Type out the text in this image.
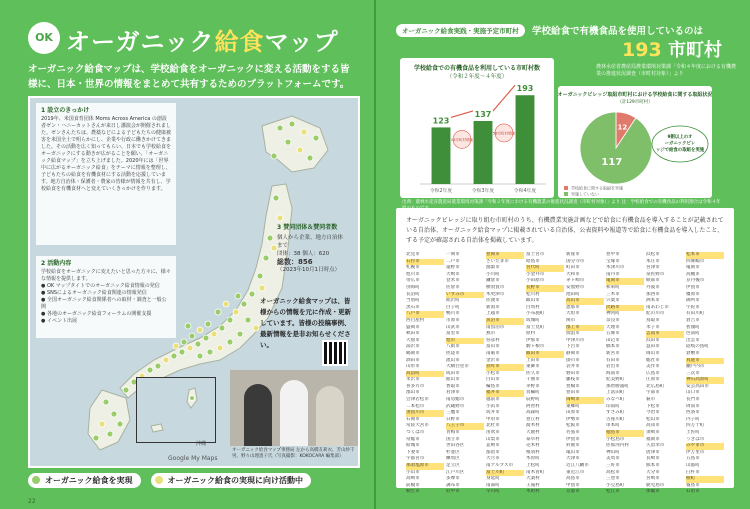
OK オーガニック給食マップ
オーガニック給食マップは、学校給食をオーガニックに変える活動をする皆様に、日本・世界の情報をまとめて共有するためのプラットフォームです。
1 設立のきっかけ

2019年、米国食育団体 Moms Across America の創設者ゼン・ハニーカットさんが来日し講演会が開催されました。ゼンさんたちは、農薬などによる子どもたちの健康被害を米国全土で明らかにし、企業や行政に働きかけてきました。その活動を広く知ってもらい、日本でも学校給食をオーガニックにする動きが広がることを願い、「オーガニック給食マップ」を立ち上げました。2020年には「世界中に広がるオーガニック給食」をテーマに情報を整理し、子どもたちの給食を有機食材にする活動を応援しています。地方自治体・保護者・農家の皆様が情報を共有し、学校給食を有機食材へと変えていくきっかけを作ります。

2 活動内容

学校給食をオーガニックに変えたいと思った方々に、様々な情報を提供します。

● OK マップタイトでのオーガニック給食情報の発信
● SNSによるオーガニック給食関連の情報発信
● 全国オーガニック給食関係者への取材・調査と一般公開
● 各地のオーガニック給食フォーラムの開催支援
● イベント出展
3 賛同団体＆賛同者数
個人から企業、地方自治体まで
団体：38 個人：620
総数：856
（2023年10月1日時点）
オーガニック給食マップは、皆様からの情報を元に作成・更新しています。皆様の投稿事例、最新情報を是非お知らせください。
沖縄
Google My Maps
オーガニック給食マップ事務局 左から高橋友莉衣、芳山紗千男、野々山理恵子氏（写真撮影：KOKOCARA 編集部）
オーガニック給食を実現	オーガニック給食の実現に向け活動中
22
オーガニック給食実践・実施予定市町村	学校給食で有機食品を使用しているのは
193 市町村
農林水産省農産局農業環境対策課「令和４年度における有機農業の推進状況調査（市町村対象）」より
学校給食での有機食品を利用している市町村数
（令和２年度〜４年度）
123
令和2年度
137
令和3年度
193
令和4年度
14市町村増加
56市町村増加
オーガニックビレッジ取組市町村における学校給食に関する取組状況
（計129市町村）
12
117
9割以上のオ
ーガニックビレ
ッジで給食の取組を実施
学校給食に関する取組を実施
実施していない
出典：農林水産省農産局農業環境対策課「令和２年度における有機農業の推進状況調査（市町村対象）」より 注：学校給食での有機食品の利用割合は令和４年

オーガニックビレッジに取り組む市町村のうち、有機農業実施計画などで給食に有機食品を導入することが記載されている自治体、オーガニック給食マップに掲載されている自治体、公表資料や報道等で給食に有機食品を導入したこと、する予定が確認される自治体を掲載しています。

北見市	一関市	豊岡市	富士宮市	新座市	豊中市	浜松市	松本市
石狩市	二戸市	さいたま市	昭島市	国分寺市	宝塚市	本庄市	四條畷市
札幌市	遠野市	鴻巣市	宮代町	町田市	木津川市	宮津市	亀岡市
旭川市	大崎市	小川町	小金井市	大和市	南丹市	泉佐野市	高槻市
帯広市	登米市	鎌倉市	小田原市	茅ヶ崎市	亀岡市	綾部市	京丹後市
別海町	佐倉市	横須賀市	長野市	安曇野市	和束町	丹波市	伊賀市
長沼町	いすみ市	木更津市	松川村	池田町	三木市	加西市	橿原市
当別町	睦沢町	佐渡市	飯山市	高山市	宍粟市	洲本市	御所市
黒石市	白子町	新潟市	白馬村	恵那市	淡路市	南あわじ市	宇陀市
八戸市	鴨川市	上越市	小布施町	大垣市	神河町	紀の川市	有田川町
西目屋村	市原市	魚沼市	坂城町	関市	奈良市	鳥取市	倉吉市
盛岡市	山武市	南魚沼市	富士見町	郡上市	天理市	米子市	智頭町
秋田市	富里市	燕市	原村	瑞浪市	五條市	雲南市	邑南町
大仙市	旭市	弥彦村	伊那市	中津川市	田辺市	浜田市	出雲市
湯沢市	八街市	富山市	駒ヶ根市	下呂市	橋本市	益田市	隠岐の島町
鶴岡市	匝瑳市	南砺市	飯田市	静岡市	新宮市	岡山市	倉敷市
酒田市	流山市	金沢市	上田市	掛川市	有田市	総社市	真庭市
山形市	大網白里市	羽咋市	東御市	袋井市	岩出市	美作市	瀬戸内市
高畠町	成田市	小松市	佐久市	磐田市	海南市	広島市	三次市
米沢市	館山市	白山市	千曲市	藤枝市	紀美野町	庄原市	神石高原町
喜多方市	香取市	輪島市	茅野市	豊橋市	那智勝浦町	北広島町	安芸高田市
郡山市	君津市	福井市	箕輪町	豊田市	上富田町	宇部市	山口市
会津若松市	南房総市	越前市	辰野町	岡崎市	みなべ町	萩市	長門市
二本松市	武蔵野市	小浜市	阿智村	東郷町	印南町	下松市	周南市
須賀川市	三鷹市	坂井市	高森町	田原市	すさみ町	今治市	西条市
石岡市	日野市	甲府市	豊丘村	伊勢市	古座川町	松山市	内子町
常陸大宮市	八王子市	北杜市	喬木村	松阪市	串本町	高知市	四万十町
つくば市	青梅市	笛吹市	大鹿村	名張市	徳島市	須崎市	土佐町
常総市	国立市	山梨市	泰阜村	伊賀市	小松島市	福岡市	うきは市
結城市	世田谷区	韮崎市	売木村	鈴鹿市	佐那河内村	久留米市	みやま市
下妻市	杉並区	都留市	根羽村	亀山市	神山町	唐津市	伊万里市
宇都宮市	練馬区	大月市	木曽町	大津市	美馬市	長崎市	五島市
那須塩原市	足立区	南アルプス市	上松町	近江八幡市	三好市	熊本市	山都町
小山市	江戸川区	富士川町	南木曽町	東近江市	高松市	大分市	臼杵市
高崎市	多摩市	身延町	大桑村	高島市	三豊市	宮崎市	綾町
前橋市	調布市	南部町	王滝村	甲賀市	小豆島町	鹿児島市	霧島市
桐生市	府中市	早川町	木祖村	京都市	松江市	那覇市	石垣市
